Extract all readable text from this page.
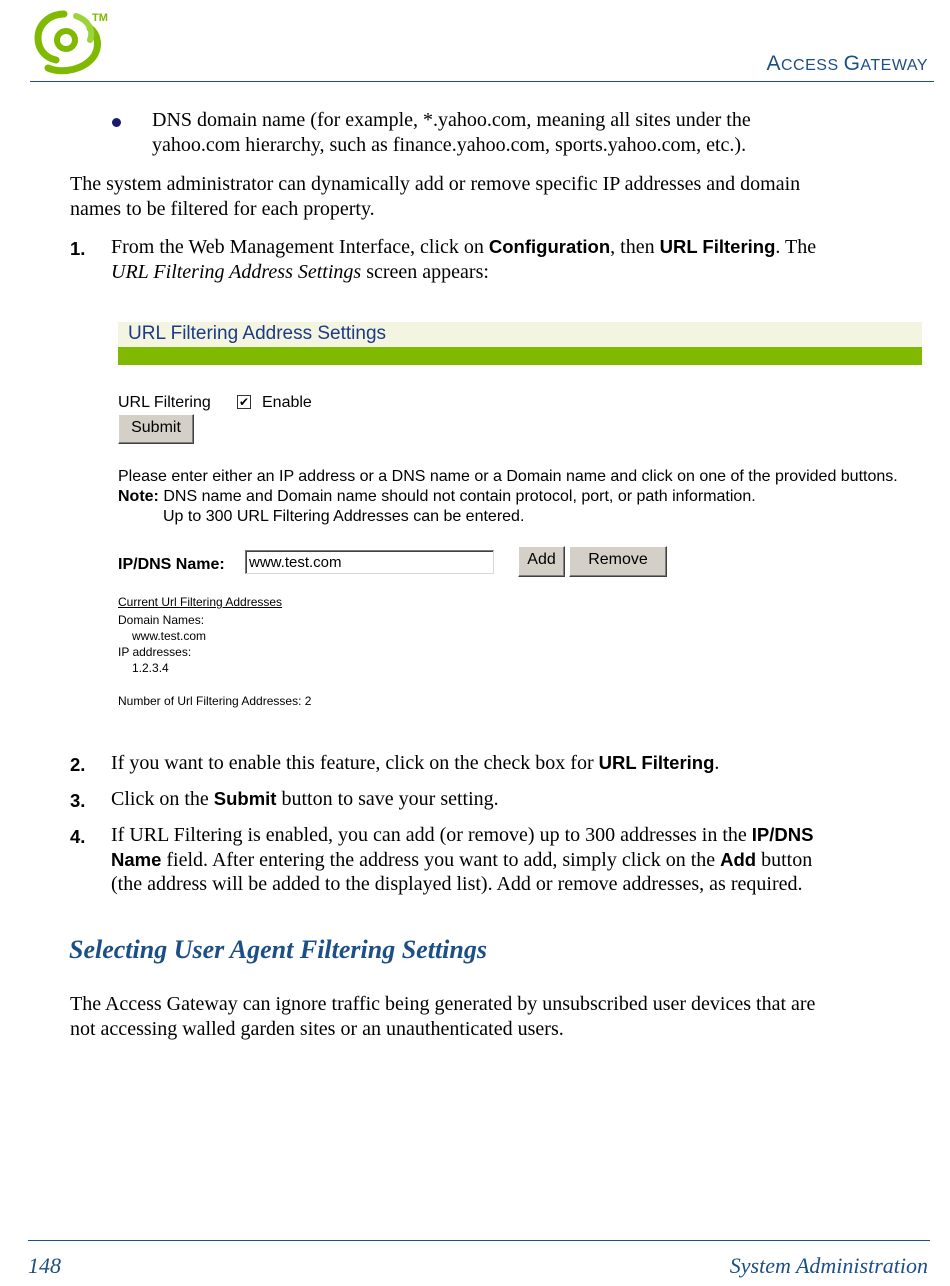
TM
ACCESS GATEWAY
DNS domain name (for example, *.yahoo.com, meaning all sites under the
yahoo.com hierarchy, such as finance.yahoo.com, sports.yahoo.com, etc.).
The system administrator can dynamically add or remove specific IP addresses and domain
names to be filtered for each property.
1. From the Web Management Interface, click on Configuration, then URL Filtering. The
URL Filtering Address Settings screen appears:
URL Filtering Address Settings
URL Filtering ✔ Enable
Submit
Please enter either an IP address or a DNS name or a Domain name and click on one of the provided buttons.
Note: DNS name and Domain name should not contain protocol, port, or path information.
Up to 300 URL Filtering Addresses can be entered.
IP/DNS Name: www.test.com	Add	Remove
Current Url Filtering Addresses
Domain Names:
www.test.com
IP addresses:
1.2.3.4
Number of Url Filtering Addresses: 2
2. If you want to enable this feature, click on the check box for URL Filtering.
3. Click on the Submit button to save your setting.
4. If URL Filtering is enabled, you can add (or remove) up to 300 addresses in the IP/DNS
Name field. After entering the address you want to add, simply click on the Add button
(the address will be added to the displayed list). Add or remove addresses, as required.
Selecting User Agent Filtering Settings
The Access Gateway can ignore traffic being generated by unsubscribed user devices that are
not accessing walled garden sites or an unauthenticated users.
148	System Administration
